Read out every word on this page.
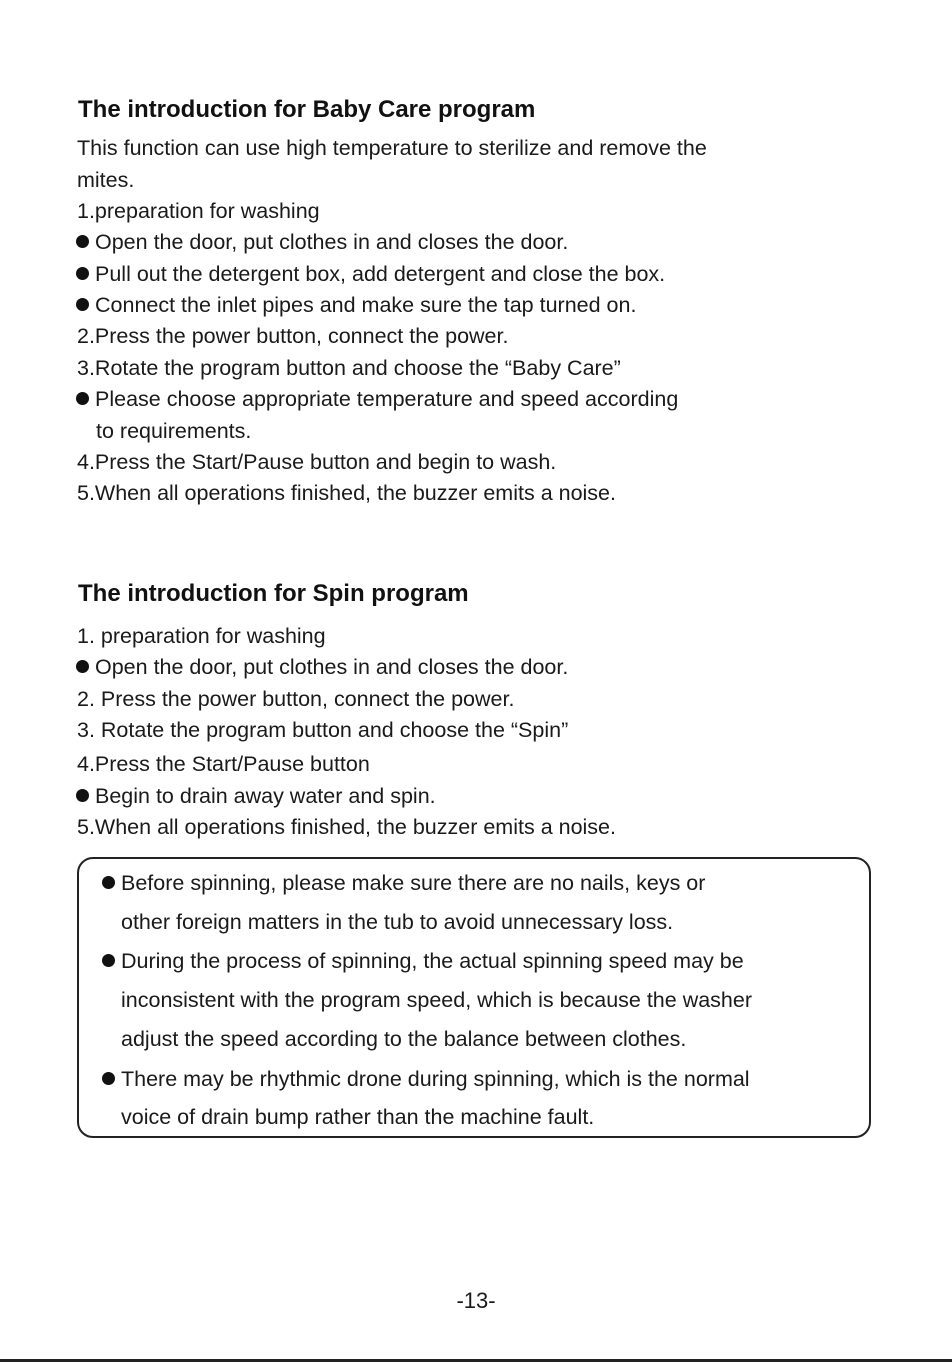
The introduction for Baby Care program

This function can use high temperature to sterilize and remove the

mites.

1.preparation for washing

Open the door, put clothes in and closes the door.

Pull out the detergent box, add detergent and close the box.

Connect the inlet pipes and make sure the tap turned on.

2.Press the power button, connect the power.

3.Rotate the program button and choose the “Baby Care”

Please choose appropriate temperature and speed according

to requirements.

4.Press the Start/Pause button and begin to wash.

5.When all operations finished, the buzzer emits a noise.

The introduction for Spin program

1. preparation for washing

Open the door, put clothes in and closes the door.

2. Press the power button, connect the power.

3. Rotate the program button and choose the “Spin”

4.Press the Start/Pause button

Begin to drain away water and spin.

5.When all operations finished, the buzzer emits a noise.

Before spinning, please make sure there are no nails, keys or

other foreign matters in the tub to avoid unnecessary loss.

During the process of spinning, the actual spinning speed may be

inconsistent with the program speed, which is because the washer

adjust the speed according to the balance between clothes.

There may be rhythmic drone during spinning, which is the normal

voice of drain bump rather than the machine fault.

-13-
